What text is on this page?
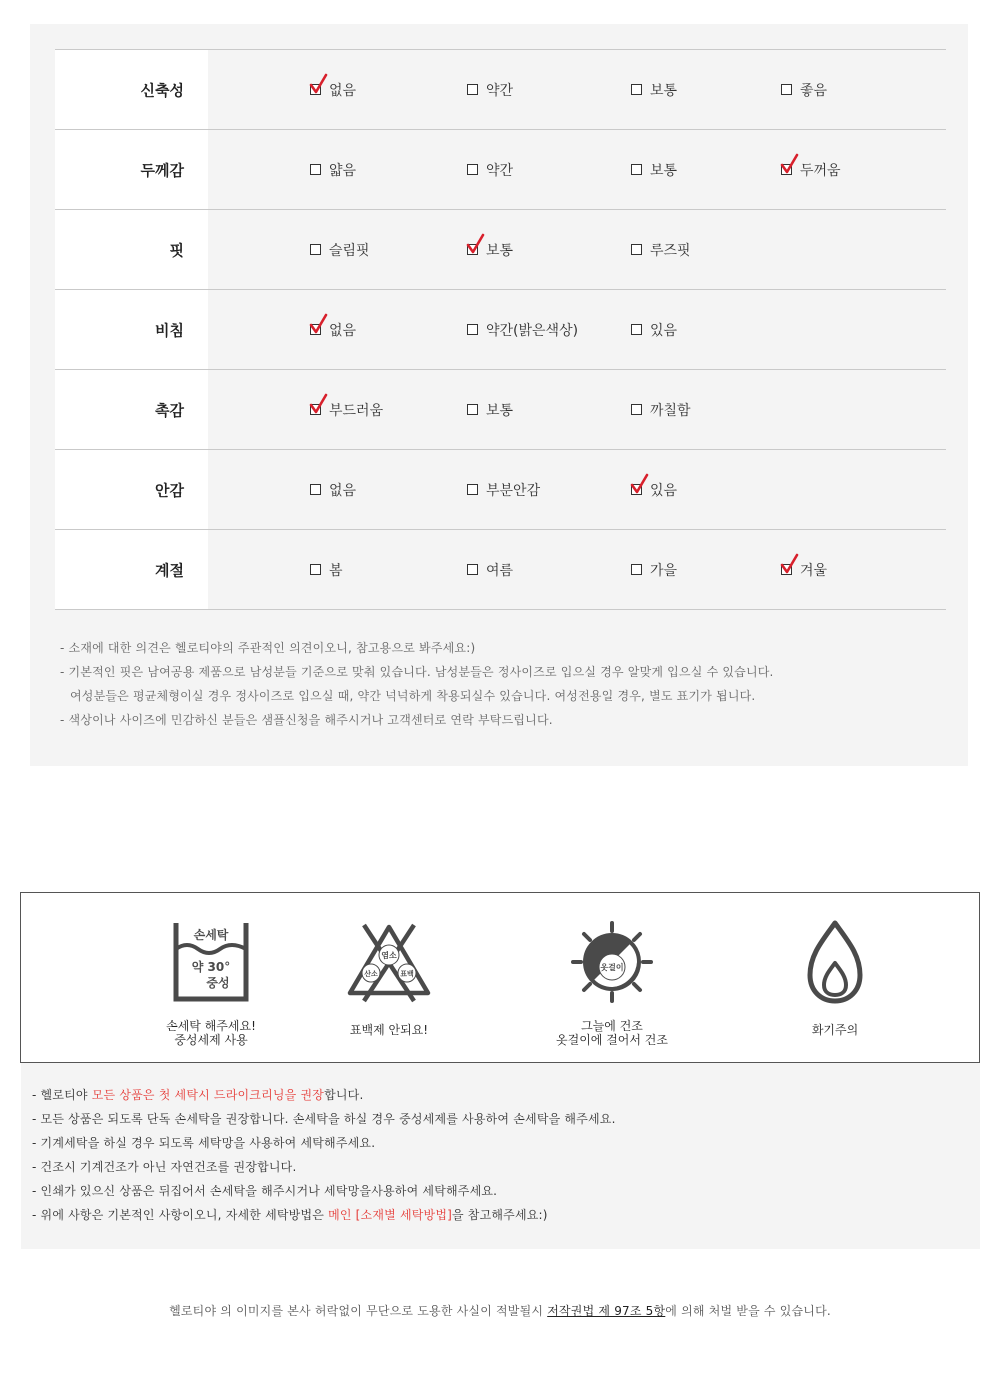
신축성	없음	약간	보통	좋음
두께감	얇음	약간	보통	두꺼움
핏	슬림핏	보통	루즈핏
비침	없음	약간(밝은색상)	있음
촉감	부드러움	보통	까칠함
안감	없음	부분안감	있음
계절	봄	여름	가을	겨울

- 소재에 대한 의견은 헬로티야의 주관적인 의견이오니, 참고용으로 봐주세요:)

- 기본적인 핏은 남여공용 제품으로 남성분들 기준으로 맞춰 있습니다. 남성분들은 정사이즈로 입으실 경우 알맞게 입으실 수 있습니다.

여성분들은 평균체형이실 경우 정사이즈로 입으실 때, 약간 넉넉하게 착용되실수 있습니다. 여성전용일 경우, 별도 표기가 됩니다.

- 색상이나 사이즈에 민감하신 분들은 샘플신청을 해주시거나 고객센터로 연락 부탁드립니다.

손세탁
약 30°
중성
손세탁 해주세요!
중성세제 사용
염소
산소	표백
표백제 안되요!
옷걸이
그늘에 건조
옷걸이에 걸어서 건조
화기주의

- 헬로티야 모든 상품은 첫 세탁시 드라이크리닝을 권장합니다.

- 모든 상품은 되도록 단독 손세탁을 권장합니다. 손세탁을 하실 경우 중성세제를 사용하여 손세탁을 해주세요.

- 기계세탁을 하실 경우 되도록 세탁망을 사용하여 세탁해주세요.

- 건조시 기계건조가 아닌 자연건조를 권장합니다.

- 인쇄가 있으신 상품은 뒤집어서 손세탁을 해주시거나 세탁망을사용하여 세탁해주세요.

- 위에 사항은 기본적인 사항이오니, 자세한 세탁방법은 메인 [소재별 세탁방법]을 참고해주세요:)

헬로티야 의 이미지를 본사 허락없이 무단으로 도용한 사실이 적발될시 저작권법 제 97조 5항에 의해 처벌 받을 수 있습니다.
